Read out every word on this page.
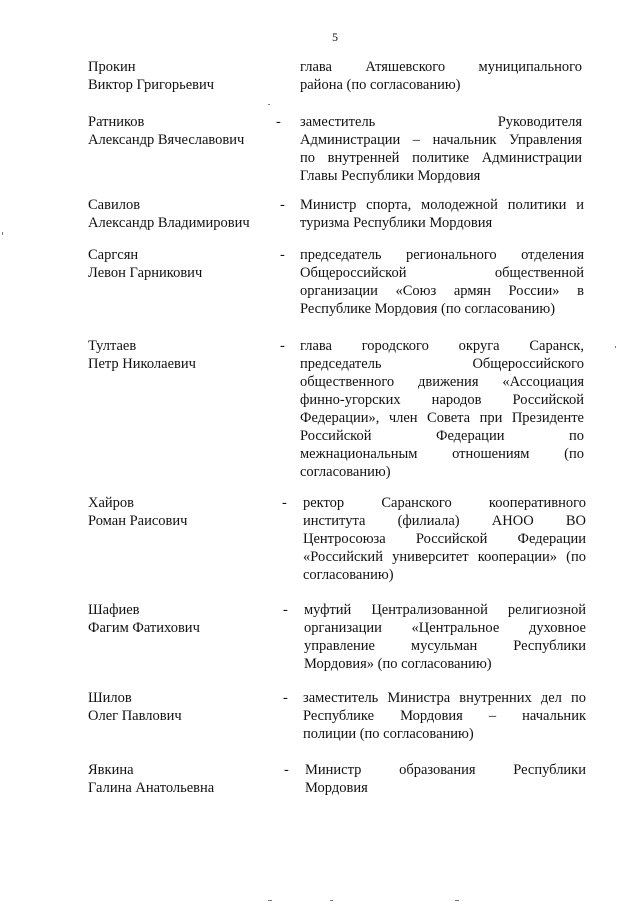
5
Прокин
Виктор Григорьевич
глава Атяшевского муниципального
района (по согласованию)
Ратников
Александр Вячеславович
- заместитель Руководителя
Администрации – начальник Управления
по внутренней политике Администрации
Главы Республики Мордовия
Савилов
Александр Владимирович
- Министр спорта, молодежной политики и
туризма Республики Мордовия
Саргсян
Левон Гарникович
- председатель регионального отделения
Общероссийской общественной
организации «Союз армян России» в
Республике Мордовия (по согласованию)
Тултаев
Петр Николаевич
- глава городского округа Саранск,
председатель Общероссийского
общественного движения «Ассоциация
финно-угорских народов Российской
Федерации», член Совета при Президенте
Российской Федерации по
межнациональным отношениям (по
согласованию)
Хайров
Роман Раисович
- ректор Саранского кооперативного
института (филиала) АНОО ВО
Центросоюза Российской Федерации
«Российский университет кооперации» (по
согласованию)
Шафиев
Фагим Фатихович
- муфтий Централизованной религиозной
организации «Центральное духовное
управление мусульман Республики
Мордовия» (по согласованию)
Шилов
Олег Павлович
- заместитель Министра внутренних дел по
Республике Мордовия – начальник
полиции (по согласованию)
Явкина
Галина Анатольевна
- Министр образования Республики
Мордовия
